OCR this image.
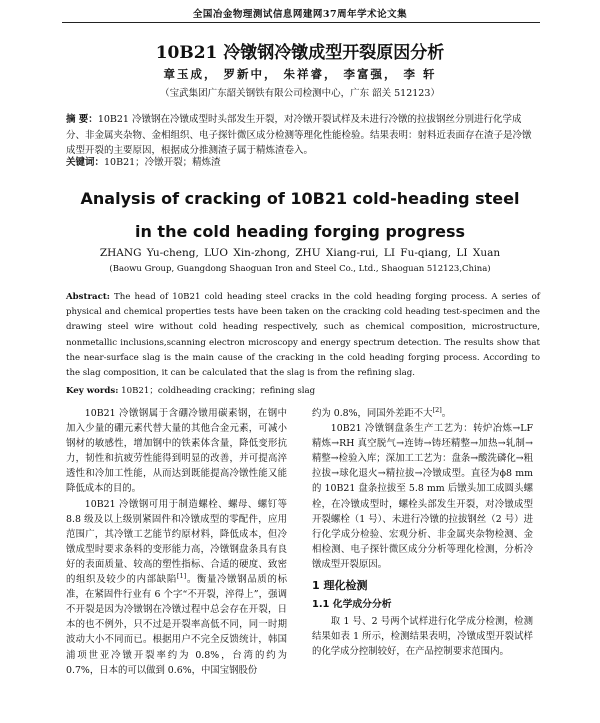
全国冶金物理测试信息网建网37周年学术论文集
10B21 冷镦钢冷镦成型开裂原因分析
章玉成， 罗新中， 朱祥睿， 李富强， 李 轩
（宝武集团广东韶关钢铁有限公司检测中心，广东 韶关 512123）
摘 要：10B21 冷镦钢在冷镦成型时头部发生开裂，对冷镦开裂试样及未进行冷镦的拉拔钢丝分别进行化学成分、非金属夹杂物、金相组织、电子探针微区成分检测等理化性能检验。结果表明：射料近表面存在渣子是冷镦成型开裂的主要原因，根据成分推测渣子属于精炼渣卷入。
关键词：10B21；冷镦开裂；精炼渣
Analysis of cracking of 10B21 cold-heading steel in the cold heading forging progress
ZHANG Yu-cheng, LUO Xin-zhong, ZHU Xiang-rui, LI Fu-qiang, LI Xuan
(Baowu Group, Guangdong Shaoguan Iron and Steel Co., Ltd., Shaoguan 512123,China)
Abstract: The head of 10B21 cold heading steel cracks in the cold heading forging process. A series of physical and chemical properties tests have been taken on the cracking cold heading test-specimen and the drawing steel wire without cold heading respectively, such as chemical composition, microstructure, nonmetallic inclusions,scanning electron microscopy and energy spectrum detection. The results show that the near-surface slag is the main cause of the cracking in the cold heading forging process. According to the slag composition, it can be calculated that the slag is from the refining slag.
Key words: 10B21；coldheading cracking；refining slag

10B21 冷镦钢属于含硼冷镦用碳素钢，在钢中加入少量的硼元素代替大量的其他合金元素，可减小钢材的敏感性，增加钢中的铁素体含量，降低变形抗力，韧性和抗疲劳性能得到明显的改善，并可提高淬透性和冷加工性能，从而达到既能提高冷镦性能又能降低成本的目的。

10B21 冷镦钢可用于制造螺栓、螺母、螺钉等 8.8 级及以上级别紧固件和冷镦成型的零配件，应用范围广，其冷镦工艺能节约原材料，降低成本，但冷镦成型时要求条料的变形能力高，冷镦钢盘条具有良好的表面质量、较高的塑性指标、合适的硬度、致密的组织及较少的内部缺陷[1]。衡量冷镦钢品质的标准，在紧固件行业有 6 个字“不开裂，淬得上”，强调不开裂是因为冷镦钢在冷镦过程中总会存在开裂，日本的也不例外，只不过是开裂率高低不同，同一时期波动大小不同而已。根据用户不完全反馈统计，韩国浦项世亚冷镦开裂率约为 0.8%，台湾的约为 0.7%，日本的可以做到 0.6%，中国宝钢股份

约为 0.8%，同国外差距不大[2]。

10B21 冷镦钢盘条生产工艺为：转炉冶炼→LF 精炼→RH 真空脱气→连铸→铸坯精整→加热→轧制→精整→检验入库；深加工工艺为：盘条→酸洗磷化→粗拉拔→球化退火→精拉拔→冷镦成型。直径为ϕ8 mm 的 10B21 盘条拉拔至 5.8 mm 后镦头加工成圆头螺栓，在冷镦成型时，螺栓头部发生开裂，对冷镦成型开裂螺栓（1 号）、未进行冷镦的拉拔钢丝（2 号）进行化学成分检验、宏观分析、非金属夹杂物检测、金相检测、电子探针微区成分分析等理化检测，分析冷镦成型开裂原因。

1 理化检测
1.1 化学成分分析

取 1 号、2 号两个试样进行化学成分检测，检测结果如表 1 所示，检测结果表明，冷镦成型开裂试样的化学成分控制较好，在产品控制要求范围内。
